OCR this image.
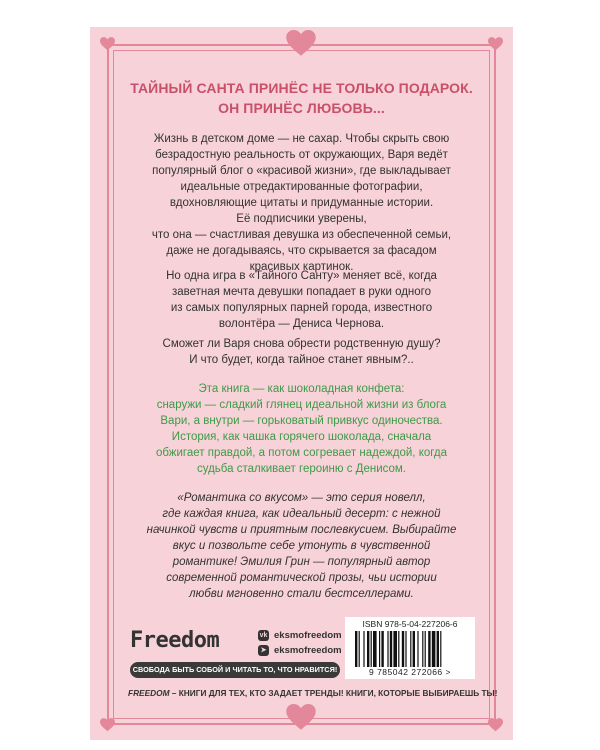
ТАЙНЫЙ САНТА ПРИНЁС НЕ ТОЛЬКО ПОДАРОК.
ОН ПРИНЁС ЛЮБОВЬ...
Жизнь в детском доме — не сахар. Чтобы скрыть свою
безрадостную реальность от окружающих, Варя ведёт
популярный блог о «красивой жизни», где выкладывает
идеальные отредактированные фотографии,
вдохновляющие цитаты и придуманные истории.
Её подписчики уверены,
что она — счастливая девушка из обеспеченной семьи,
даже не догадываясь, что скрывается за фасадом
красивых картинок.
Но одна игра в «Тайного Санту» меняет всё, когда
заветная мечта девушки попадает в руки одного
из самых популярных парней города, известного
волонтёра — Дениса Чернова.
Сможет ли Варя снова обрести родственную душу?
И что будет, когда тайное станет явным?..
Эта книга — как шоколадная конфета:
снаружи — сладкий глянец идеальной жизни из блога
Вари, а внутри — горьковатый привкус одиночества.
История, как чашка горячего шоколада, сначала
обжигает правдой, а потом согревает надеждой, когда
судьба сталкивает героиню с Денисом.
«Романтика со вкусом» — это серия новелл,
где каждая книга, как идеальный десерт: с нежной
начинкой чувств и приятным послевкусием. Выбирайте
вкус и позвольте себе утонуть в чувственной
романтике! Эмилия Грин — популярный автор
современной романтической прозы, чьи истории
любви мгновенно стали бестселлерами.
Freedom	vk eksmofreedom
➤ eksmofreedom
ISBN 978-5-04-227206-6
9 785042 272066 >
СВОБОДА БЫТЬ СОБОЙ И ЧИТАТЬ ТО, ЧТО НРАВИТСЯ!
FREEDOM – КНИГИ ДЛЯ ТЕХ, КТО ЗАДАЕТ ТРЕНДЫ! КНИГИ, КОТОРЫЕ ВЫБИРАЕШЬ ТЫ!
